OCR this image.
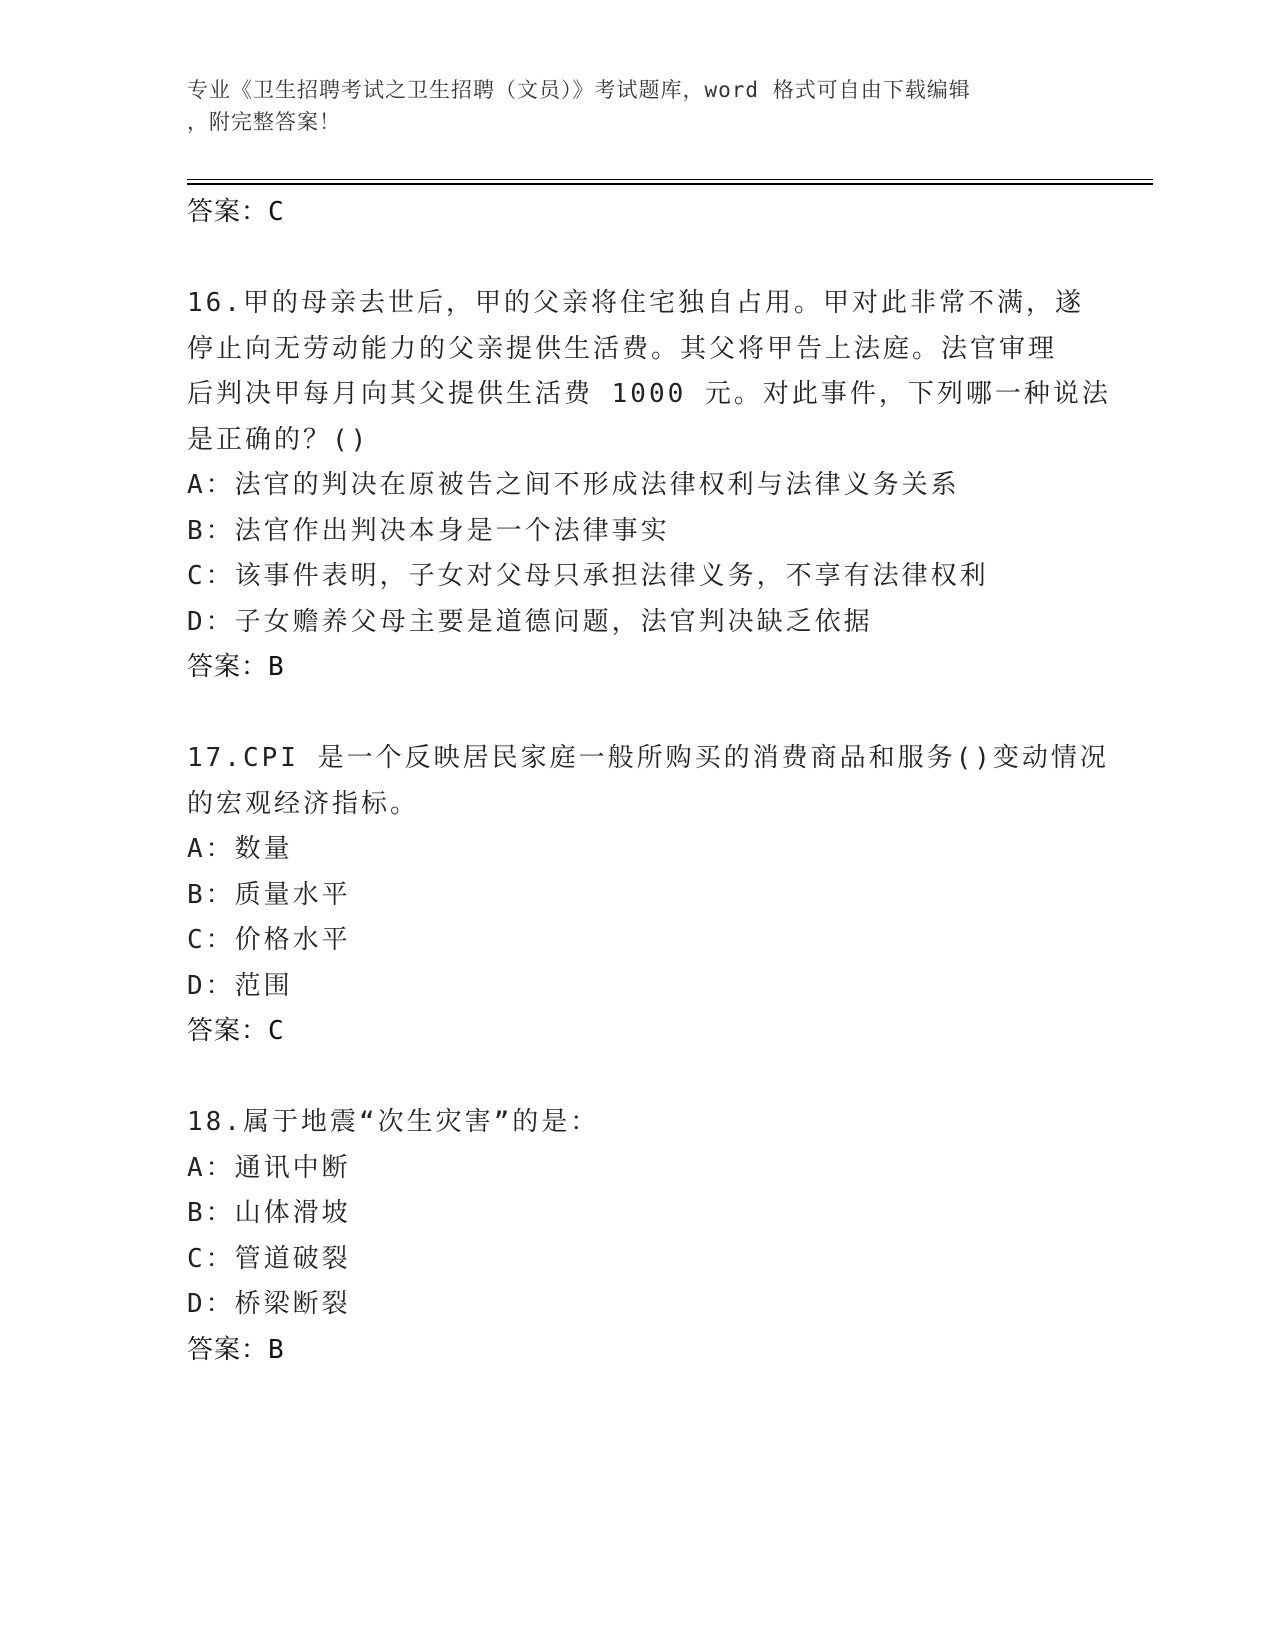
专业《卫生招聘考试之卫生招聘（文员）》考试题库，word 格式可自由下载编辑
，附完整答案！
答案：C
16.甲的母亲去世后，甲的父亲将住宅独自占用。甲对此非常不满，遂
停止向无劳动能力的父亲提供生活费。其父将甲告上法庭。法官审理
后判决甲每月向其父提供生活费 1000 元。对此事件，下列哪一种说法
是正确的？()
A：法官的判决在原被告之间不形成法律权利与法律义务关系
B：法官作出判决本身是一个法律事实
C：该事件表明，子女对父母只承担法律义务，不享有法律权利
D：子女赡养父母主要是道德问题，法官判决缺乏依据
答案：B
17.CPI 是一个反映居民家庭一般所购买的消费商品和服务()变动情况
的宏观经济指标。
A：数量
B：质量水平
C：价格水平
D：范围
答案：C
18.属于地震“次生灾害”的是：
A：通讯中断
B：山体滑坡
C：管道破裂
D：桥梁断裂
答案：B
